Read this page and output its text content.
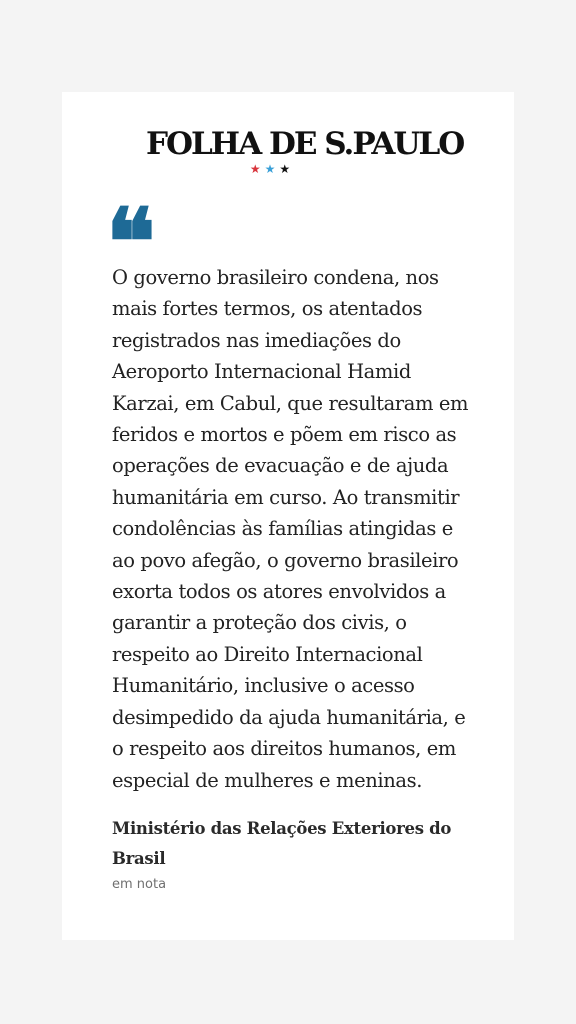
FOLHA DE S.PAULO
★★★
❝
O governo brasileiro condena, nos
mais fortes termos, os atentados
registrados nas imediações do
Aeroporto Internacional Hamid
Karzai, em Cabul, que resultaram em
feridos e mortos e põem em risco as
operações de evacuação e de ajuda
humanitária em curso. Ao transmitir
condolências às famílias atingidas e
ao povo afegão, o governo brasileiro
exorta todos os atores envolvidos a
garantir a proteção dos civis, o
respeito ao Direito Internacional
Humanitário, inclusive o acesso
desimpedido da ajuda humanitária, e
o respeito aos direitos humanos, em
especial de mulheres e meninas.
Ministério das Relações Exteriores do Brasil
em nota
